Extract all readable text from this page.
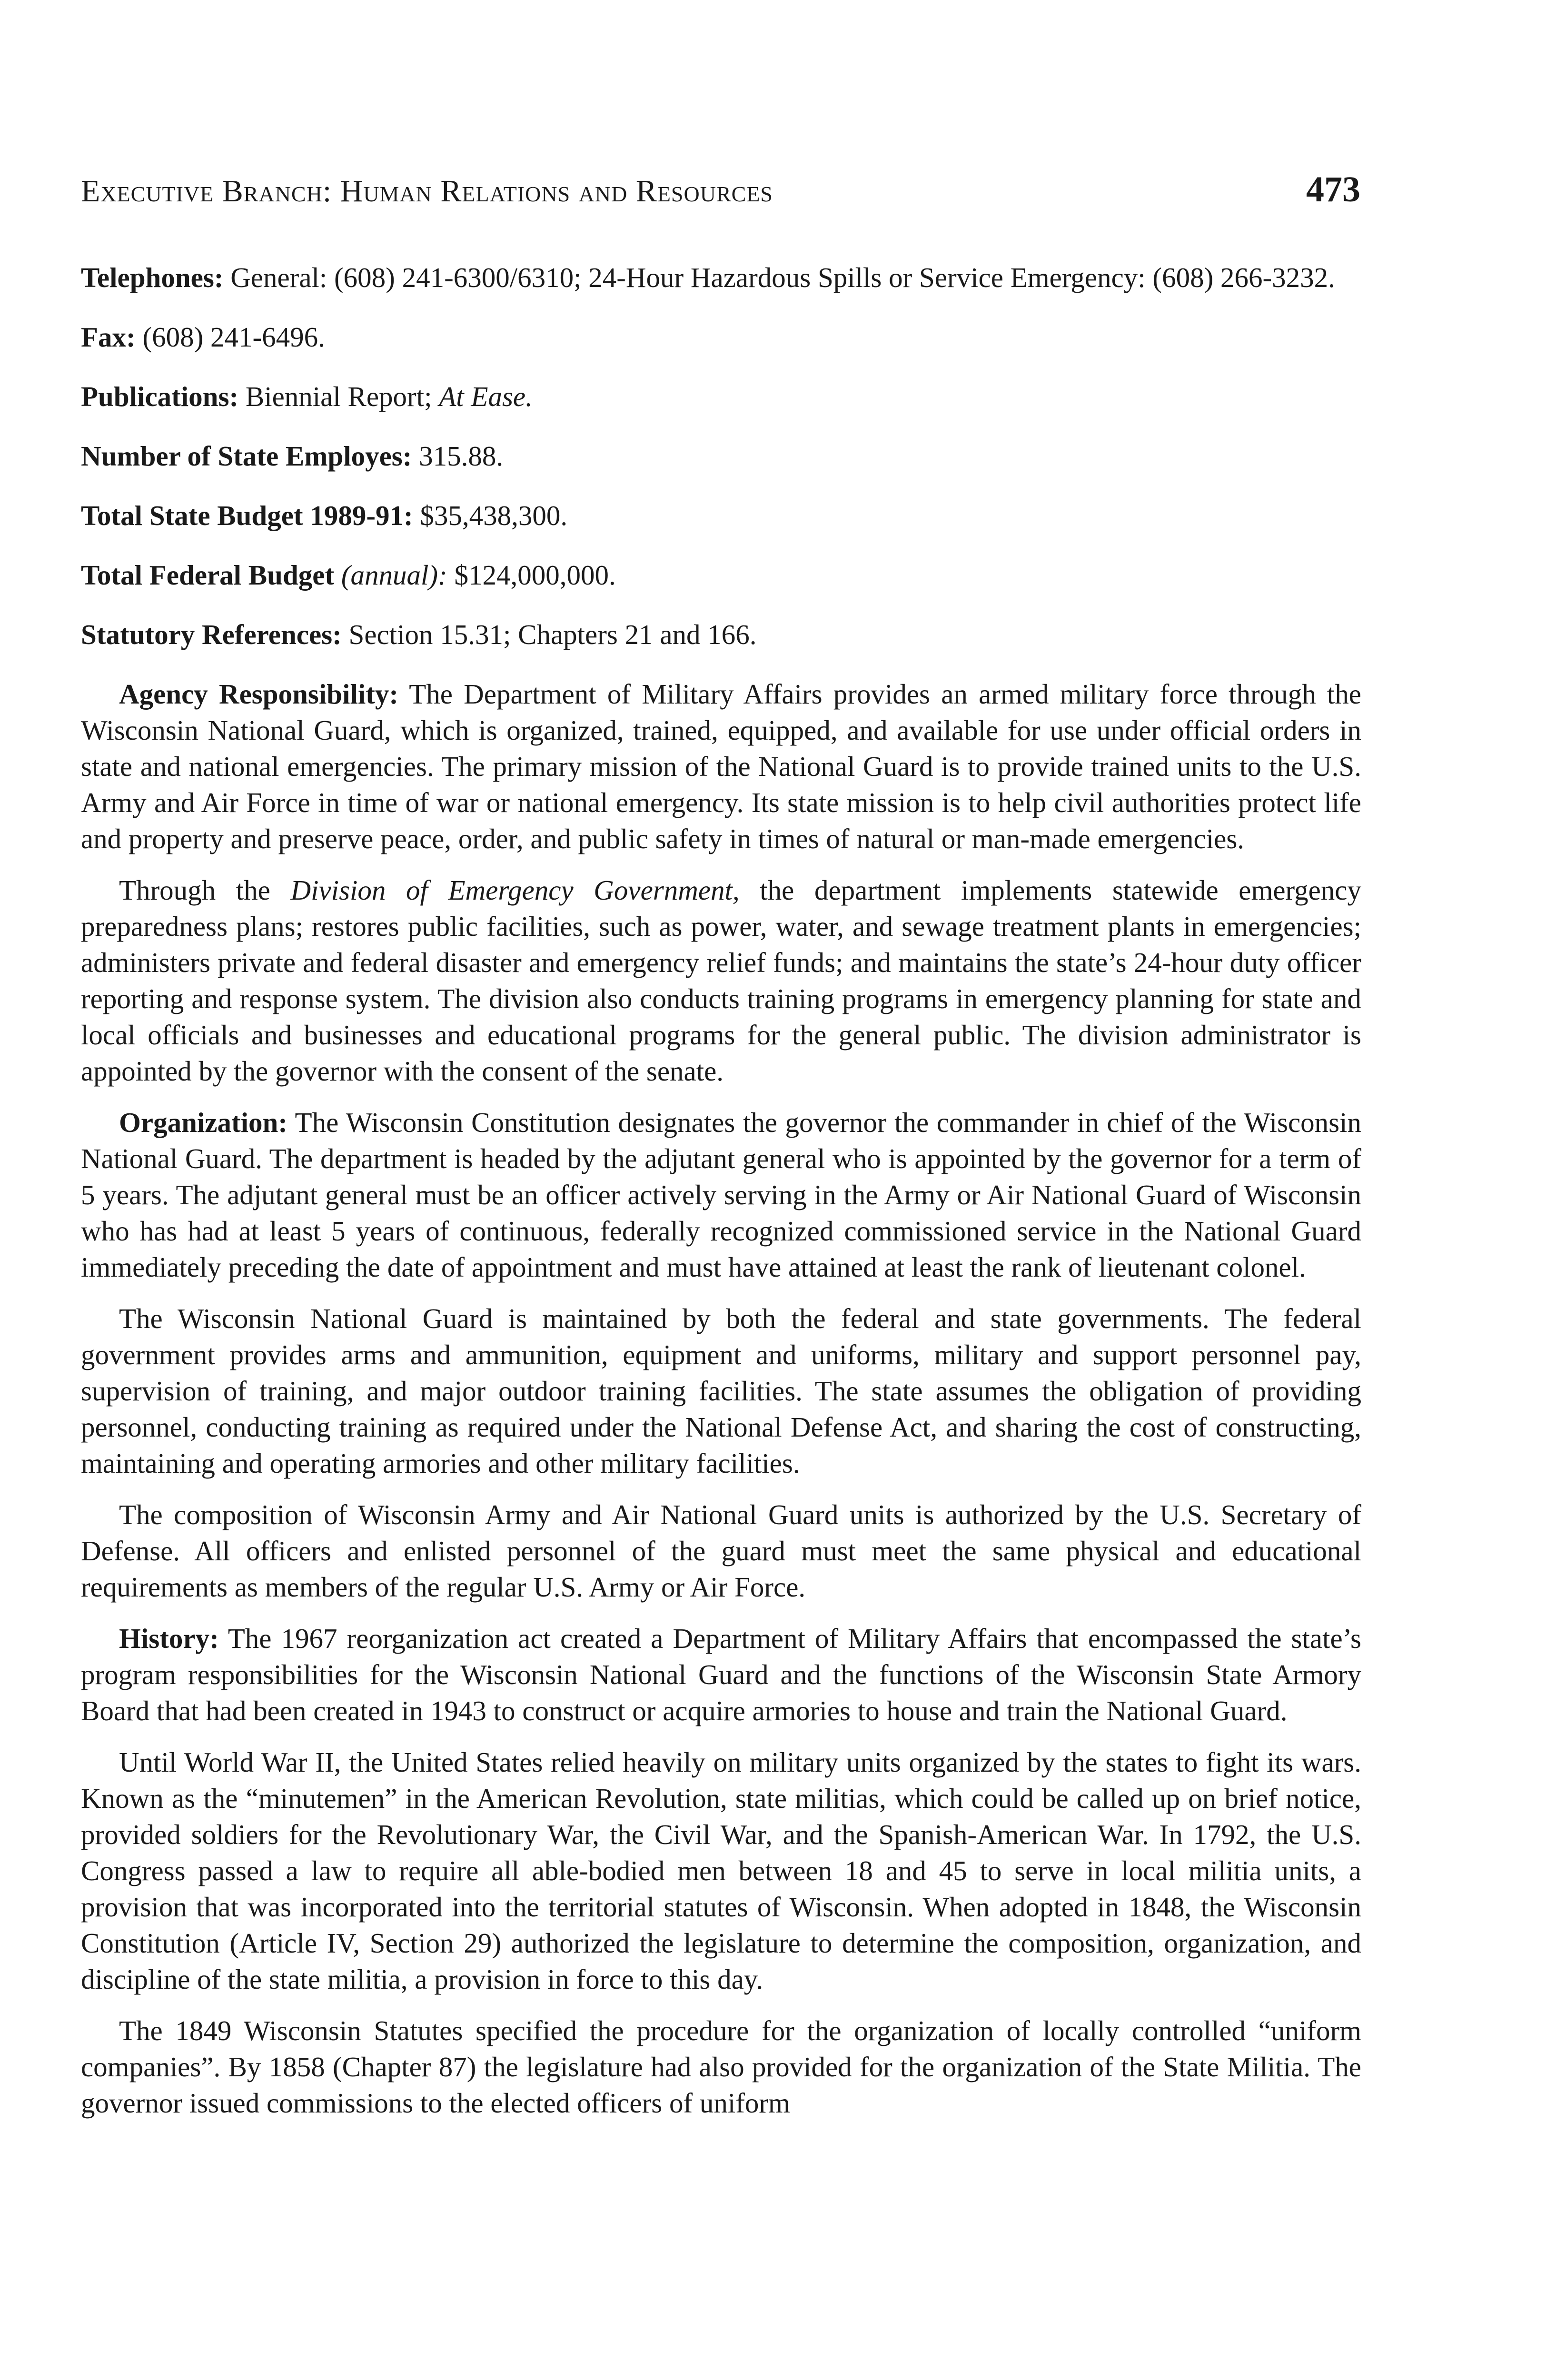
Executive Branch: Human Relations and Resources	473

Telephones: General: (608) 241-6300/6310; 24-Hour Hazardous Spills or Service Emergency: (608) 266-3232.

Fax: (608) 241-6496.

Publications: Biennial Report; At Ease.

Number of State Employes: 315.88.

Total State Budget 1989-91: $35,438,300.

Total Federal Budget (annual): $124,000,000.

Statutory References: Section 15.31; Chapters 21 and 166.

Agency Responsibility: The Department of Military Affairs provides an armed military force through the Wisconsin National Guard, which is organized, trained, equipped, and available for use under official orders in state and national emergencies. The primary mission of the National Guard is to provide trained units to the U.S. Army and Air Force in time of war or national emergency. Its state mission is to help civil authorities protect life and property and preserve peace, order, and public safety in times of natural or man-made emergencies.

Through the Division of Emergency Government, the department implements statewide emergency preparedness plans; restores public facilities, such as power, water, and sewage treatment plants in emergencies; administers private and federal disaster and emergency relief funds; and maintains the state’s 24-hour duty officer reporting and response system. The division also conducts training programs in emergency planning for state and local officials and businesses and educational programs for the general public. The division administrator is appointed by the governor with the consent of the senate.

Organization: The Wisconsin Constitution designates the governor the commander in chief of the Wisconsin National Guard. The department is headed by the adjutant general who is appointed by the governor for a term of 5 years. The adjutant general must be an officer actively serving in the Army or Air National Guard of Wisconsin who has had at least 5 years of continuous, federally recognized commissioned service in the National Guard immediately preceding the date of appointment and must have attained at least the rank of lieutenant colonel.

The Wisconsin National Guard is maintained by both the federal and state governments. The federal government provides arms and ammunition, equipment and uniforms, military and support personnel pay, supervision of training, and major outdoor training facilities. The state assumes the obligation of providing personnel, conducting training as required under the National Defense Act, and sharing the cost of constructing, maintaining and operating armories and other military facilities.

The composition of Wisconsin Army and Air National Guard units is authorized by the U.S. Secretary of Defense. All officers and enlisted personnel of the guard must meet the same physical and educational requirements as members of the regular U.S. Army or Air Force.

History: The 1967 reorganization act created a Department of Military Affairs that encompassed the state’s program responsibilities for the Wisconsin National Guard and the functions of the Wisconsin State Armory Board that had been created in 1943 to construct or acquire armories to house and train the National Guard.

Until World War II, the United States relied heavily on military units organized by the states to fight its wars. Known as the “minutemen” in the American Revolution, state militias, which could be called up on brief notice, provided soldiers for the Revolutionary War, the Civil War, and the Spanish-American War. In 1792, the U.S. Congress passed a law to require all able-bodied men between 18 and 45 to serve in local militia units, a provision that was incorporated into the territorial statutes of Wisconsin. When adopted in 1848, the Wisconsin Constitution (Article IV, Section 29) authorized the legislature to determine the composition, organization, and discipline of the state militia, a provision in force to this day.

The 1849 Wisconsin Statutes specified the procedure for the organization of locally controlled “uniform companies”. By 1858 (Chapter 87) the legislature had also provided for the organization of the State Militia. The governor issued commissions to the elected officers of uniform
